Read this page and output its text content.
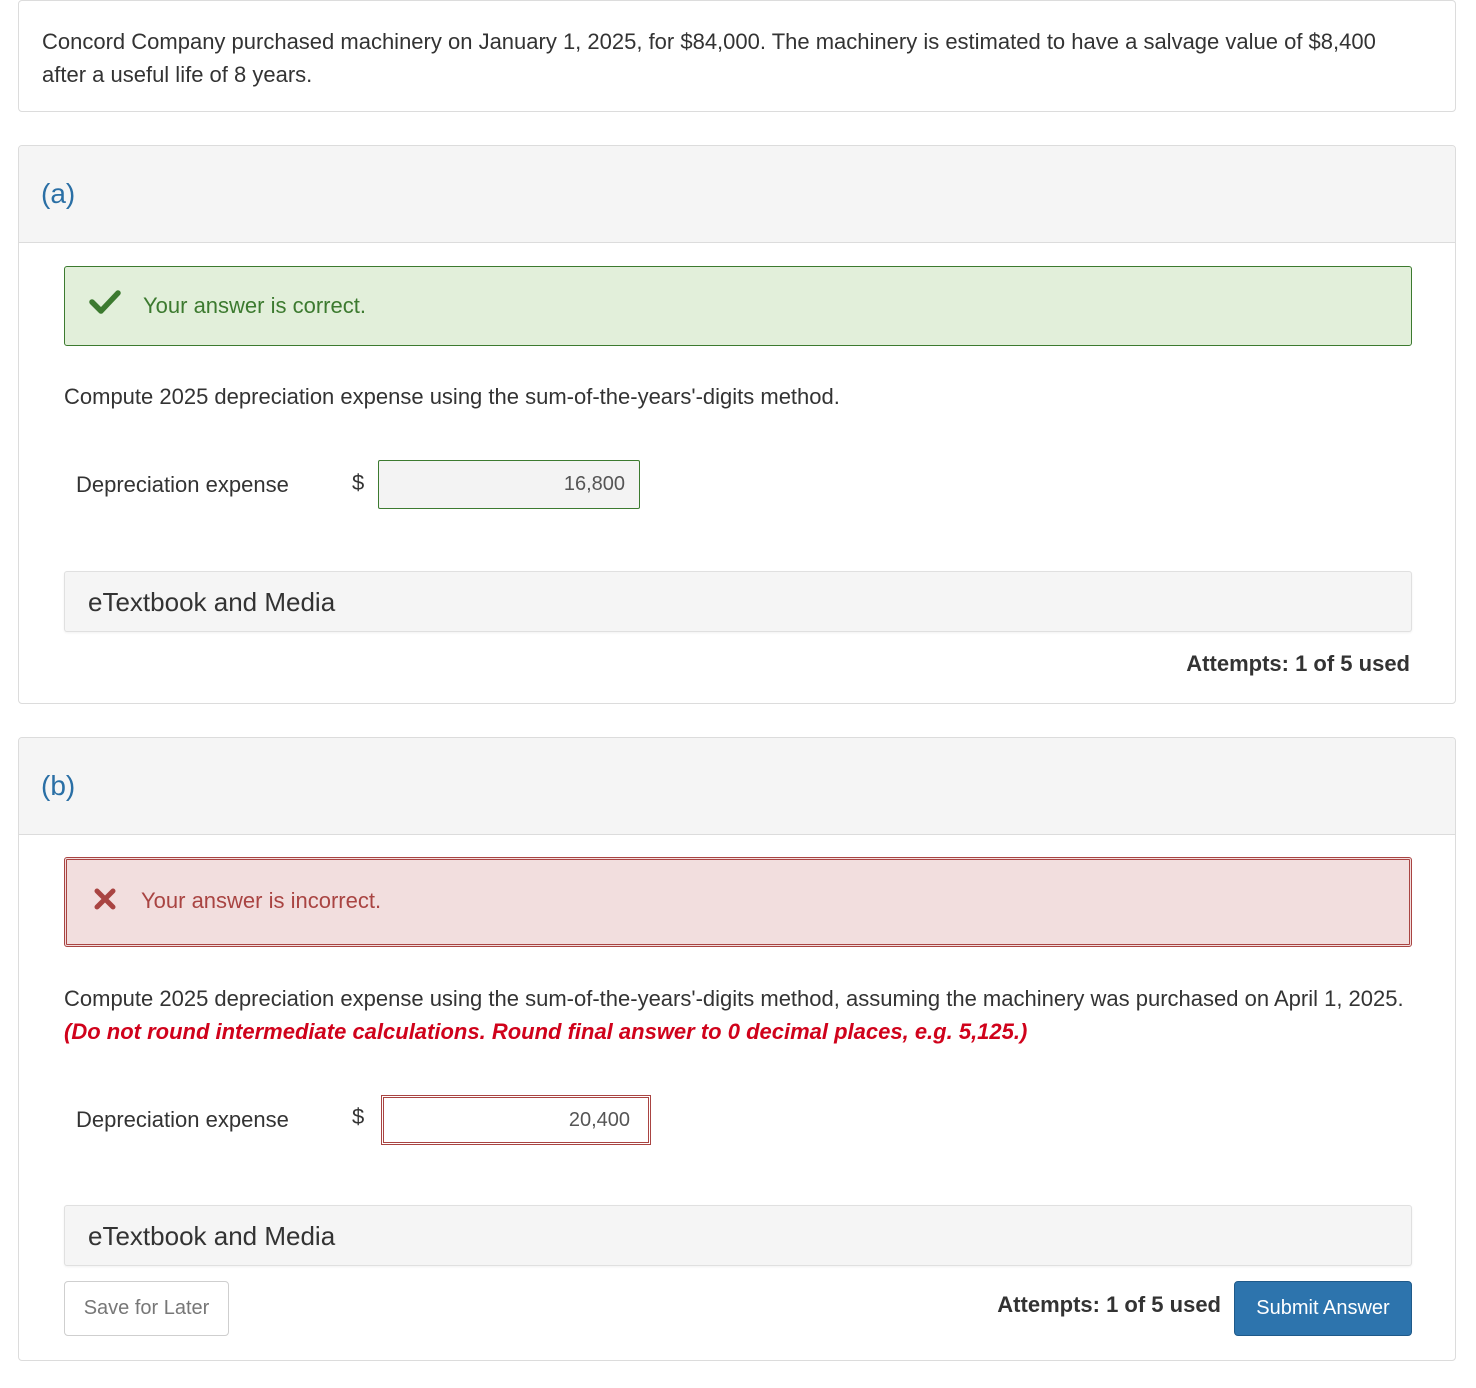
Concord Company purchased machinery on January 1, 2025, for $84,000. The machinery is estimated to have a salvage value of $8,400 after a useful life of 8 years.
(a)
Your answer is correct.
Compute 2025 depreciation expense using the sum-of-the-years'-digits method.
Depreciation expense	$	16,800
eTextbook and Media
Attempts: 1 of 5 used
(b)
Your answer is incorrect.
Compute 2025 depreciation expense using the sum-of-the-years'-digits method, assuming the machinery was purchased on April 1, 2025. (Do not round intermediate calculations. Round final answer to 0 decimal places, e.g. 5,125.)
Depreciation expense	$	20,400
eTextbook and Media
Save for Later	Attempts: 1 of 5 used	Submit Answer
